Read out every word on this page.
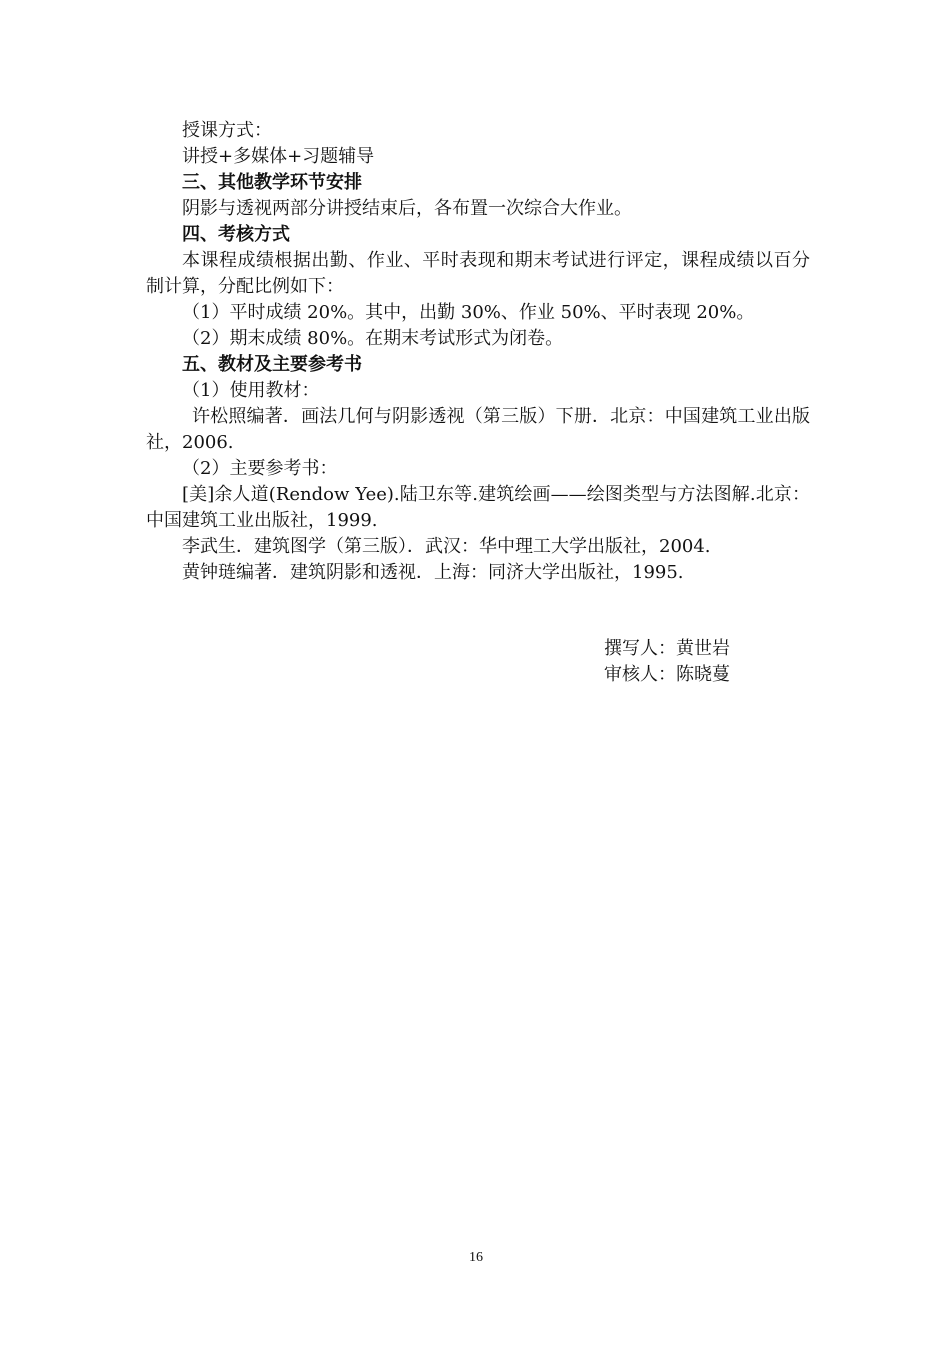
授课方式：
讲授+多媒体+习题辅导
三、其他教学环节安排
阴影与透视两部分讲授结束后，各布置一次综合大作业。
四、考核方式
本课程成绩根据出勤、作业、平时表现和期末考试进行评定，课程成绩以百分制计算，分配比例如下：
（1）平时成绩 20%。其中，出勤 30%、作业 50%、平时表现 20%。
（2）期末成绩 80%。在期末考试形式为闭卷。
五、教材及主要参考书
（1）使用教材：
许松照编著．画法几何与阴影透视（第三版）下册．北京：中国建筑工业出版社，2006.
（2）主要参考书：
[美]余人道(Rendow Yee).陆卫东等.建筑绘画——绘图类型与方法图解.北京：中国建筑工业出版社，1999.
李武生．建筑图学（第三版）．武汉：华中理工大学出版社，2004.
黄钟琏编著．建筑阴影和透视．上海：同济大学出版社，1995.
撰写人：黄世岩
审核人：陈晓蔓
16
